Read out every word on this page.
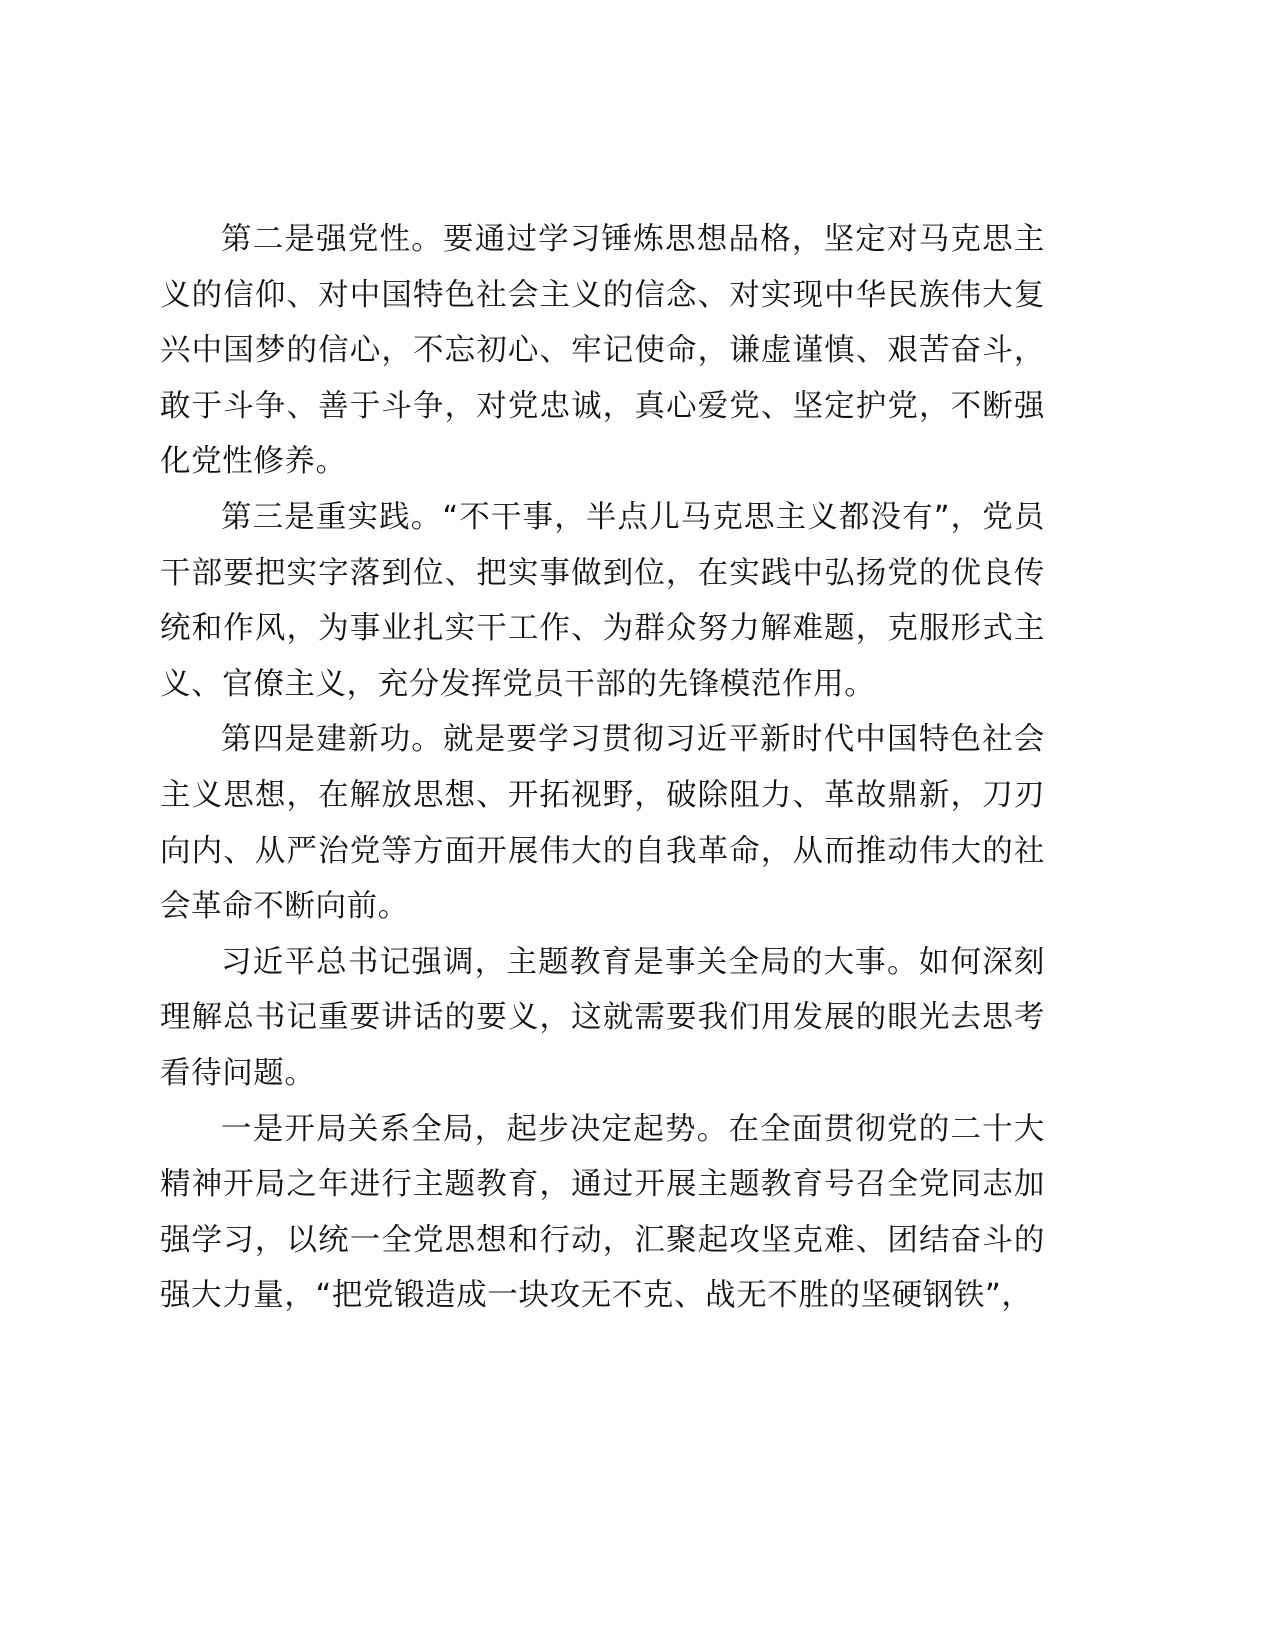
第二是强党性。要通过学习锤炼思想品格，坚定对马克思主义的信仰、对中国特色社会主义的信念、对实现中华民族伟大复兴中国梦的信心，不忘初心、牢记使命，谦虚谨慎、艰苦奋斗，敢于斗争、善于斗争，对党忠诚，真心爱党、坚定护党，不断强化党性修养。

第三是重实践。“不干事，半点儿马克思主义都没有”，党员干部要把实字落到位、把实事做到位，在实践中弘扬党的优良传统和作风，为事业扎实干工作、为群众努力解难题，克服形式主义、官僚主义，充分发挥党员干部的先锋模范作用。

第四是建新功。就是要学习贯彻习近平新时代中国特色社会主义思想，在解放思想、开拓视野，破除阻力、革故鼎新，刀刃向内、从严治党等方面开展伟大的自我革命，从而推动伟大的社会革命不断向前。

习近平总书记强调，主题教育是事关全局的大事。如何深刻理解总书记重要讲话的要义，这就需要我们用发展的眼光去思考看待问题。

一是开局关系全局，起步决定起势。在全面贯彻党的二十大精神开局之年进行主题教育，通过开展主题教育号召全党同志加强学习，以统一全党思想和行动，汇聚起攻坚克难、团结奋斗的强大力量，“把党锻造成一块攻无不克、战无不胜的坚硬钢铁”，
